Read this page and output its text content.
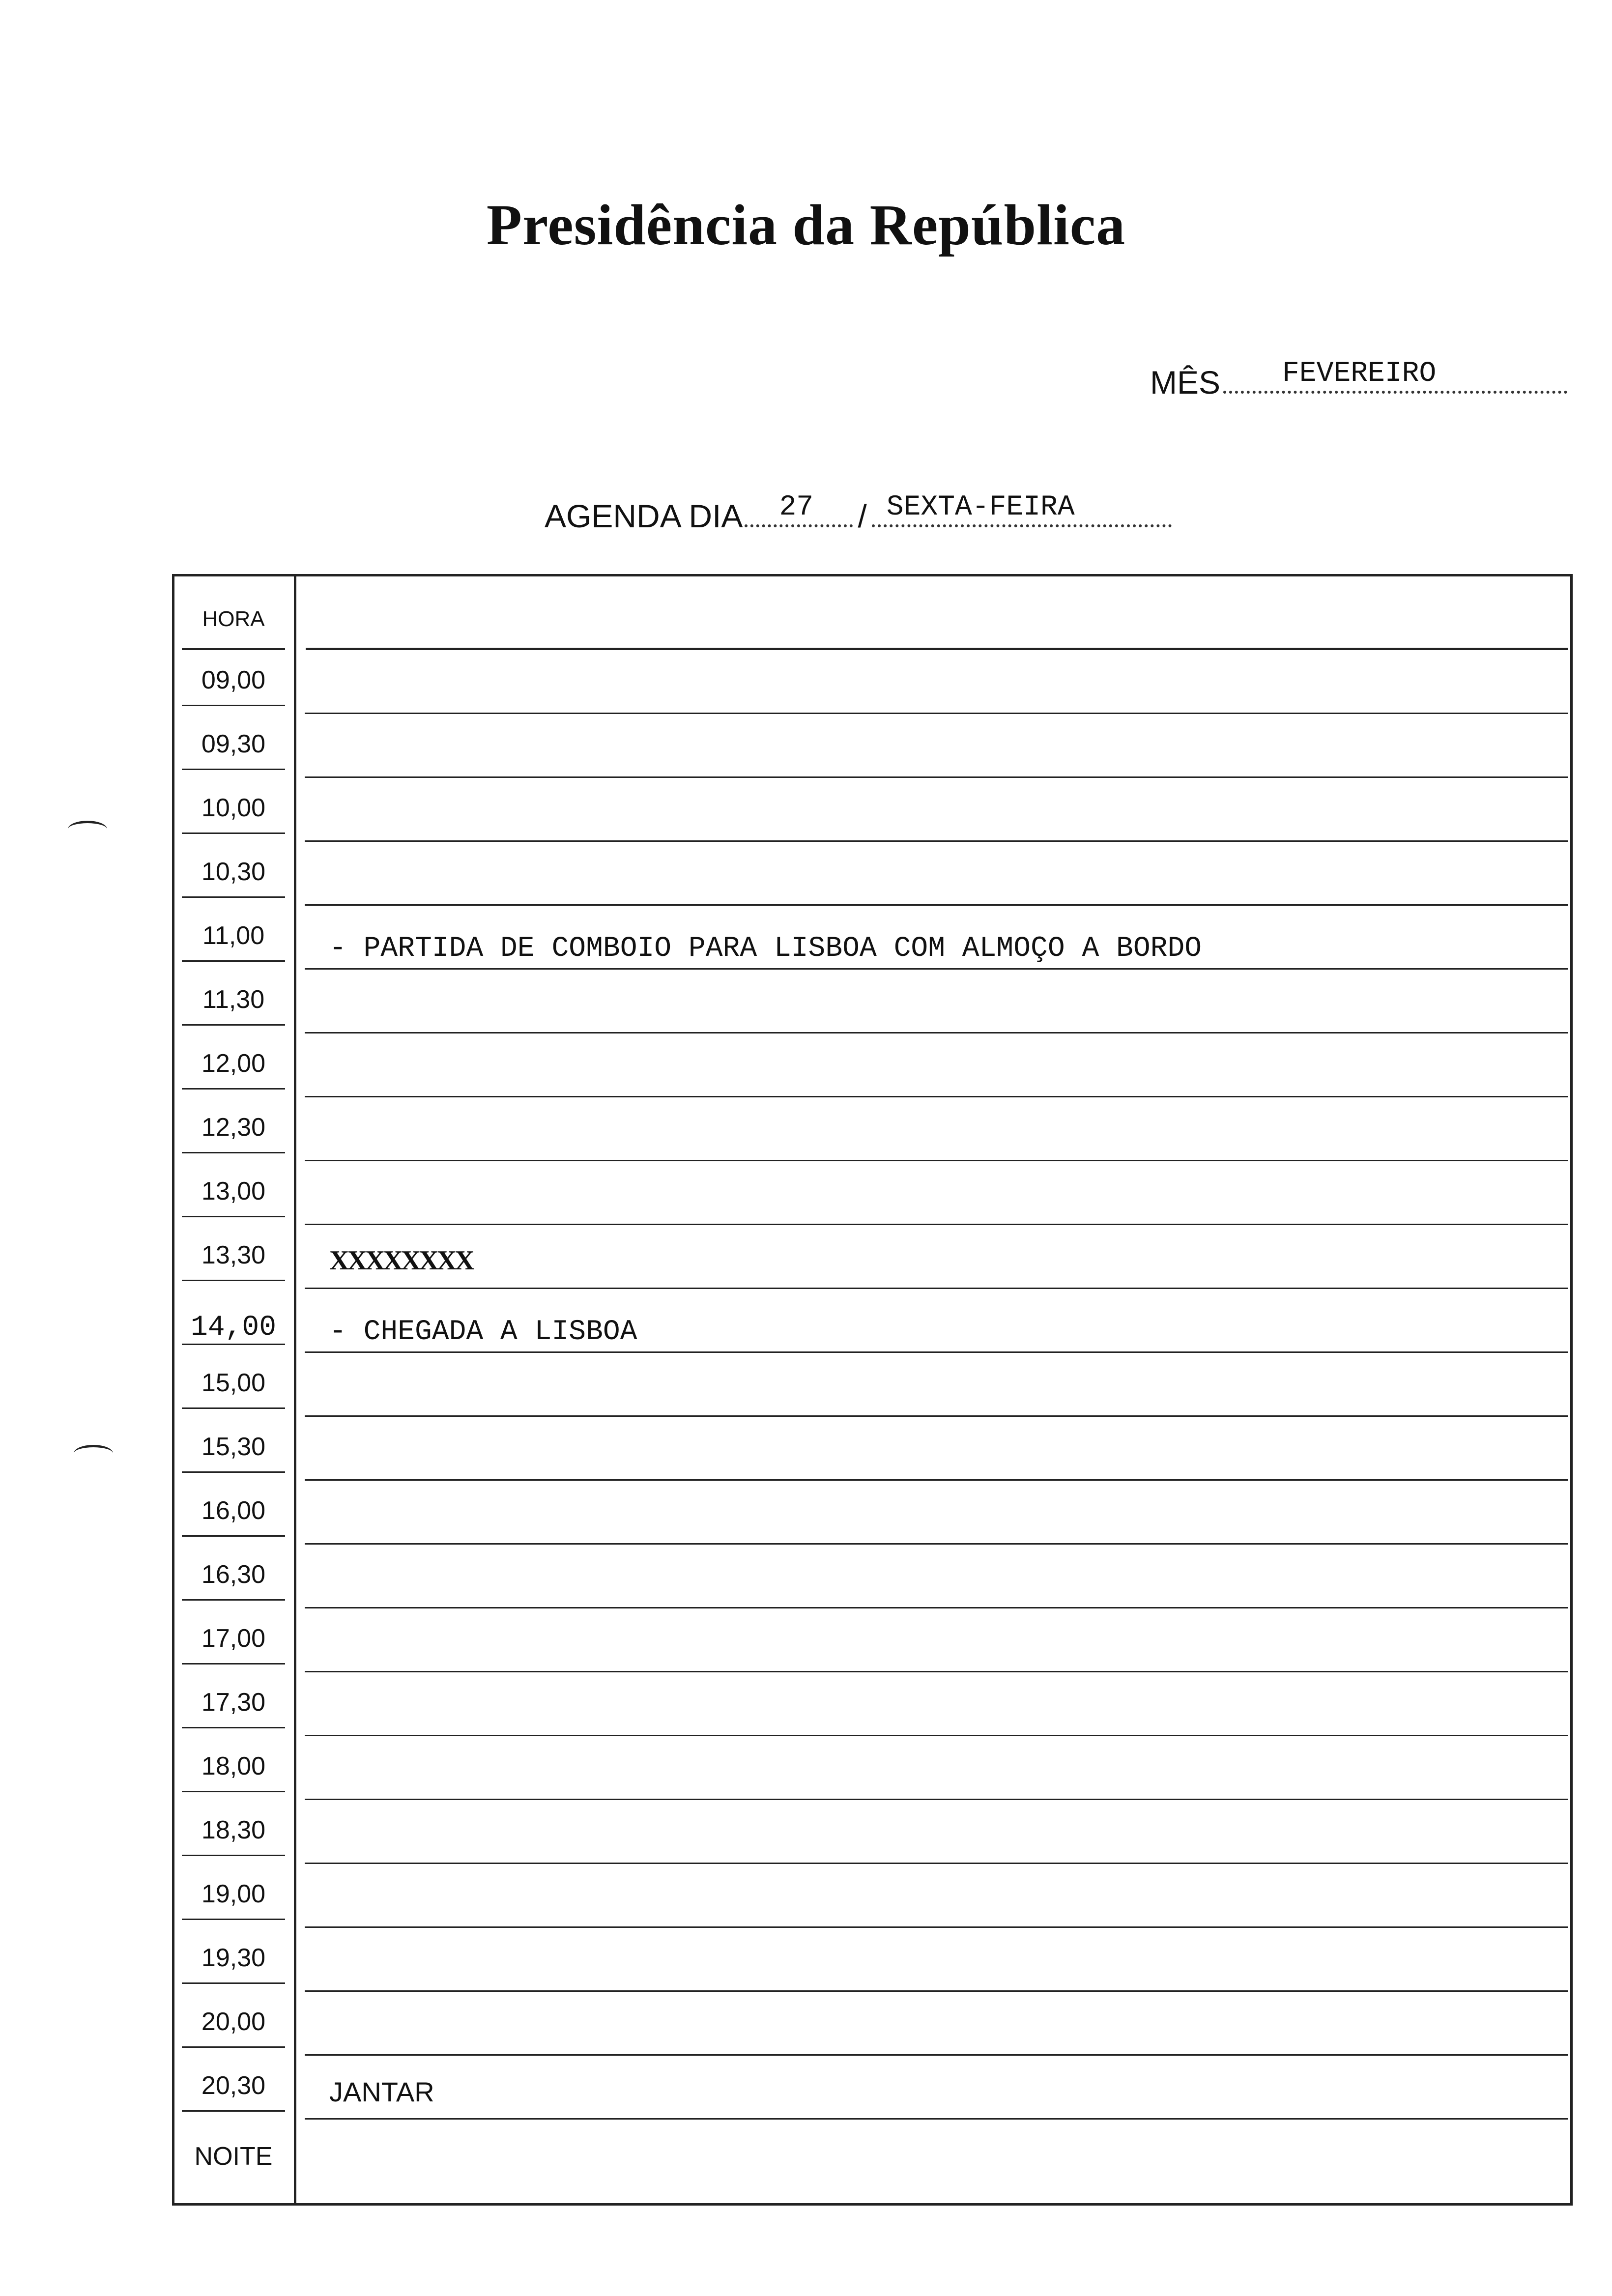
Presidência da República
MÊS FEVEREIRO
AGENDA DIA 27 / SEXTA-FEIRA
HORA
09,00
09,30
10,00
10,30
11,00	- PARTIDA DE COMBOIO PARA LISBOA COM ALMOÇO A BORDO
11,30
12,00
12,30
13,00
13,30	XXXXXXXX
14,00	- CHEGADA A LISBOA
15,00
15,30
16,00
16,30
17,00
17,30
18,00
18,30
19,00
19,30
20,00
20,30	JANTAR
NOITE
